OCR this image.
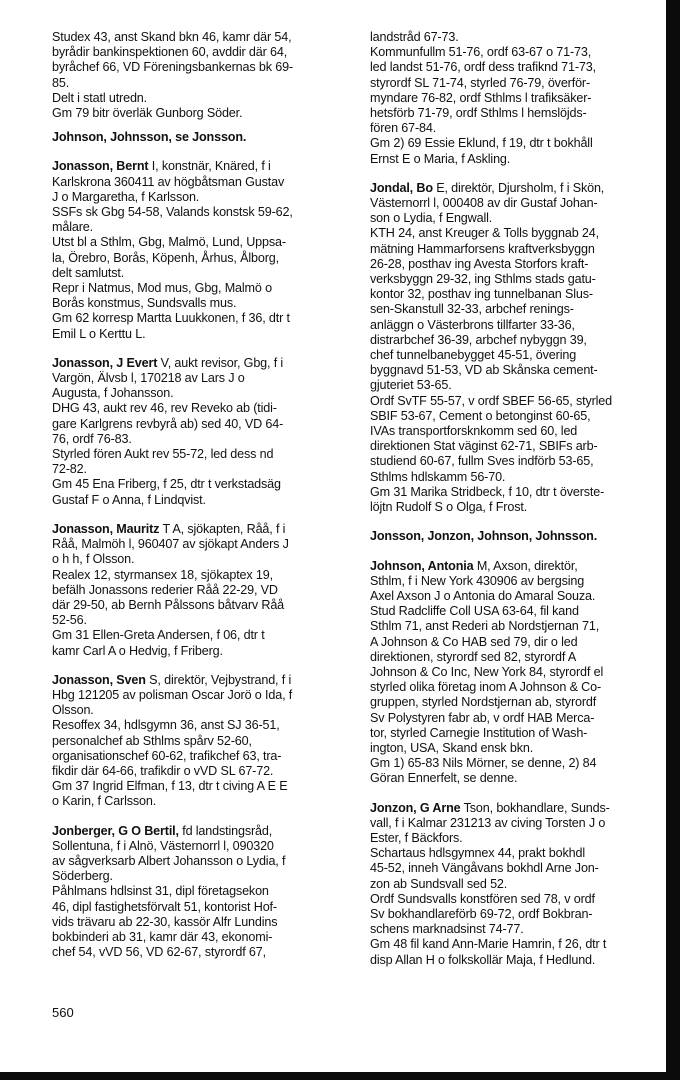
Studex 43, anst Skand bkn 46, kamr där 54,
byrådir bankinspektionen 60, avddir där 64,
byråchef 66, VD Föreningsbankernas bk 69-
85.
Delt i statl utredn.
Gm 79 bitr överläk Gunborg Söder.

Johnson, Johnsson, se Jonsson.

Jonasson, Bernt I, konstnär, Knäred, f i
Karlskrona 360411 av högbåtsman Gustav
J o Margaretha, f Karlsson.

SSFs sk Gbg 54-58, Valands konstsk 59-62,
målare.
Utst bl a Sthlm, Gbg, Malmö, Lund, Uppsa-
la, Örebro, Borås, Köpenh, Århus, Ålborg,
delt samlutst.
Repr i Natmus, Mod mus, Gbg, Malmö o
Borås konstmus, Sundsvalls mus.
Gm 62 korresp Martta Luukkonen, f 36, dtr t
Emil L o Kerttu L.

Jonasson, J Evert V, aukt revisor, Gbg, f i
Vargön, Älvsb l, 170218 av Lars J o
Augusta, f Johansson.

DHG 43, aukt rev 46, rev Reveko ab (tidi-
gare Karlgrens revbyrå ab) sed 40, VD 64-
76, ordf 76-83.
Styrled fören Aukt rev 55-72, led dess nd
72-82.
Gm 45 Ena Friberg, f 25, dtr t verkstadsäg
Gustaf F o Anna, f Lindqvist.

Jonasson, Mauritz T A, sjökapten, Råå, f i
Råå, Malmöh l, 960407 av sjökapt Anders J
o h h, f Olsson.

Realex 12, styrmansex 18, sjökaptex 19,
befälh Jonassons rederier Råå 22-29, VD
där 29-50, ab Bernh Pålssons båtvarv Råå
52-56.
Gm 31 Ellen-Greta Andersen, f 06, dtr t
kamr Carl A o Hedvig, f Friberg.

Jonasson, Sven S, direktör, Vejbystrand, f i
Hbg 121205 av polisman Oscar Jorö o Ida, f
Olsson.

Resoffex 34, hdlsgymn 36, anst SJ 36-51,
personalchef ab Sthlms spårv 52-60,
organisationschef 60-62, trafikchef 63, tra-
fikdir där 64-66, trafikdir o vVD SL 67-72.
Gm 37 Ingrid Elfman, f 13, dtr t civing A E E
o Karin, f Carlsson.

Jonberger, G O Bertil, fd landstingsråd,
Sollentuna, f i Alnö, Västernorrl l, 090320
av sågverksarb Albert Johansson o Lydia, f
Söderberg.

Påhlmans hdlsinst 31, dipl företagsekon
46, dipl fastighetsförvalt 51, kontorist Hof-
vids trävaru ab 22-30, kassör Alfr Lundins
bokbinderi ab 31, kamr där 43, ekonomi-
chef 54, vVD 56, VD 62-67, styrordf 67,

landstråd 67-73.
Kommunfullm 51-76, ordf 63-67 o 71-73,
led landst 51-76, ordf dess trafiknd 71-73,
styrordf SL 71-74, styrled 76-79, överför-
myndare 76-82, ordf Sthlms l trafiksäker-
hetsförb 71-79, ordf Sthlms l hemslöjds-
fören 67-84.
Gm 2) 69 Essie Eklund, f 19, dtr t bokhåll
Ernst E o Maria, f Askling.

Jondal, Bo E, direktör, Djursholm, f i Skön,
Västernorrl l, 000408 av dir Gustaf Johan-
son o Lydia, f Engwall.

KTH 24, anst Kreuger & Tolls byggnab 24,
mätning Hammarforsens kraftverksbyggn
26-28, posthav ing Avesta Storfors kraft-
verksbyggn 29-32, ing Sthlms stads gatu-
kontor 32, posthav ing tunnelbanan Slus-
sen-Skanstull 32-33, arbchef renings-
anläggn o Västerbrons tillfarter 33-36,
distrarbchef 36-39, arbchef nybyggn 39,
chef tunnelbanebygget 45-51, övering
byggnavd 51-53, VD ab Skånska cement-
gjuteriet 53-65.
Ordf SvTF 55-57, v ordf SBEF 56-65, styrled
SBIF 53-67, Cement o betonginst 60-65,
IVAs transportforsknkomm sed 60, led
direktionen Stat väginst 62-71, SBIFs arb-
studiend 60-67, fullm Sves indförb 53-65,
Sthlms hdlskamm 56-70.
Gm 31 Marika Stridbeck, f 10, dtr t överste-
löjtn Rudolf S o Olga, f Frost.

Jonsson, Jonzon, Johnson, Johnsson.

Johnson, Antonia M, Axson, direktör,
Sthlm, f i New York 430906 av bergsing
Axel Axson J o Antonia do Amaral Souza.

Stud Radcliffe Coll USA 63-64, fil kand
Sthlm 71, anst Rederi ab Nordstjernan 71,
A Johnson & Co HAB sed 79, dir o led
direktionen, styrordf sed 82, styrordf A
Johnson & Co Inc, New York 84, styrordf el
styrled olika företag inom A Johnson & Co-
gruppen, styrled Nordstjernan ab, styrordf
Sv Polystyren fabr ab, v ordf HAB Merca-
tor, styrled Carnegie Institution of Wash-
ington, USA, Skand ensk bkn.
Gm 1) 65-83 Nils Mörner, se denne, 2) 84
Göran Ennerfelt, se denne.

Jonzon, G Arne Tson, bokhandlare, Sunds-
vall, f i Kalmar 231213 av civing Torsten J o
Ester, f Bäckfors.

Schartaus hdlsgymnex 44, prakt bokhdl
45-52, inneh Vängåvans bokhdl Arne Jon-
zon ab Sundsvall sed 52.
Ordf Sundsvalls konstfören sed 78, v ordf
Sv bokhandlareförb 69-72, ordf Bokbran-
schens marknadsinst 74-77.
Gm 48 fil kand Ann-Marie Hamrin, f 26, dtr t
disp Allan H o folkskollär Maja, f Hedlund.

560
